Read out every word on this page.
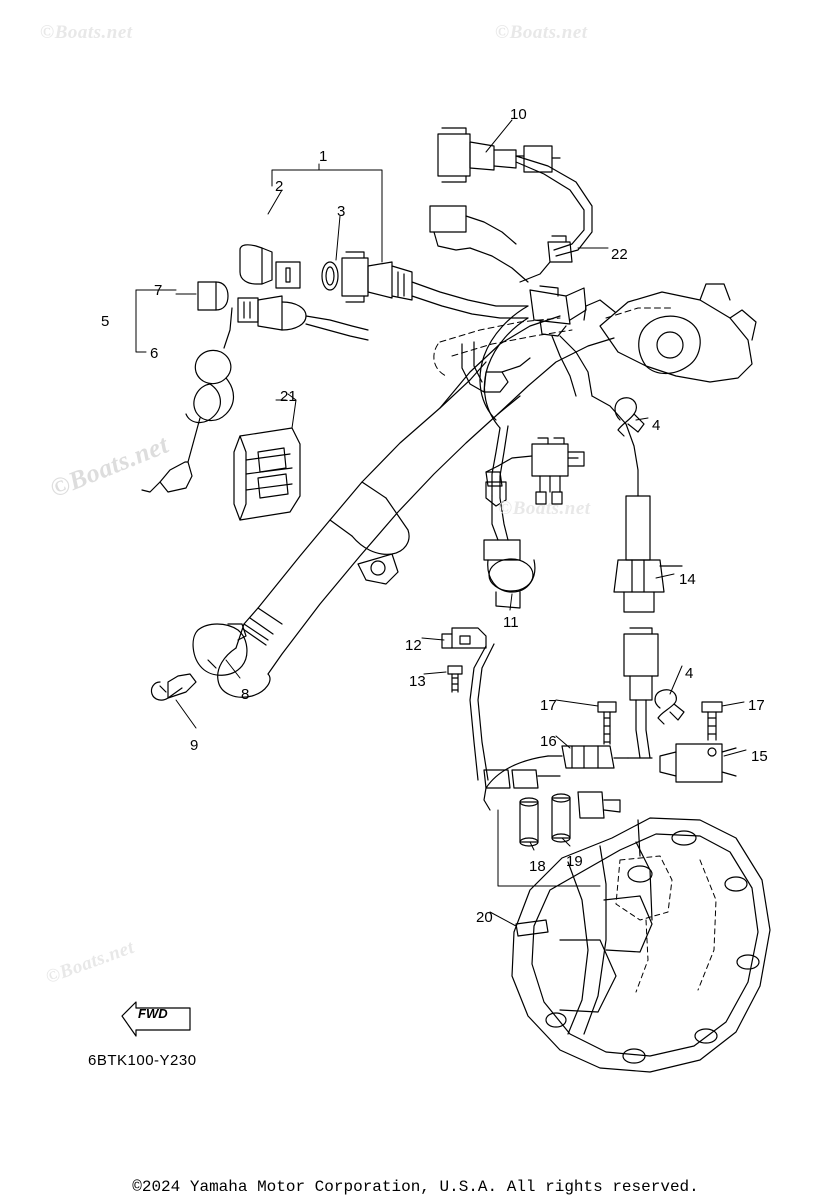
©Boats.net	©Boats.net
©Boats.net
©Boats.net
©Boats.net
1
2
3
10
22
7
5
6
4
21
14
11
12
13	4
17	17
16
15
8
9
18 19
20
FWD
6BTK100-Y230
©2024 Yamaha Motor Corporation, U.S.A. All rights reserved.
